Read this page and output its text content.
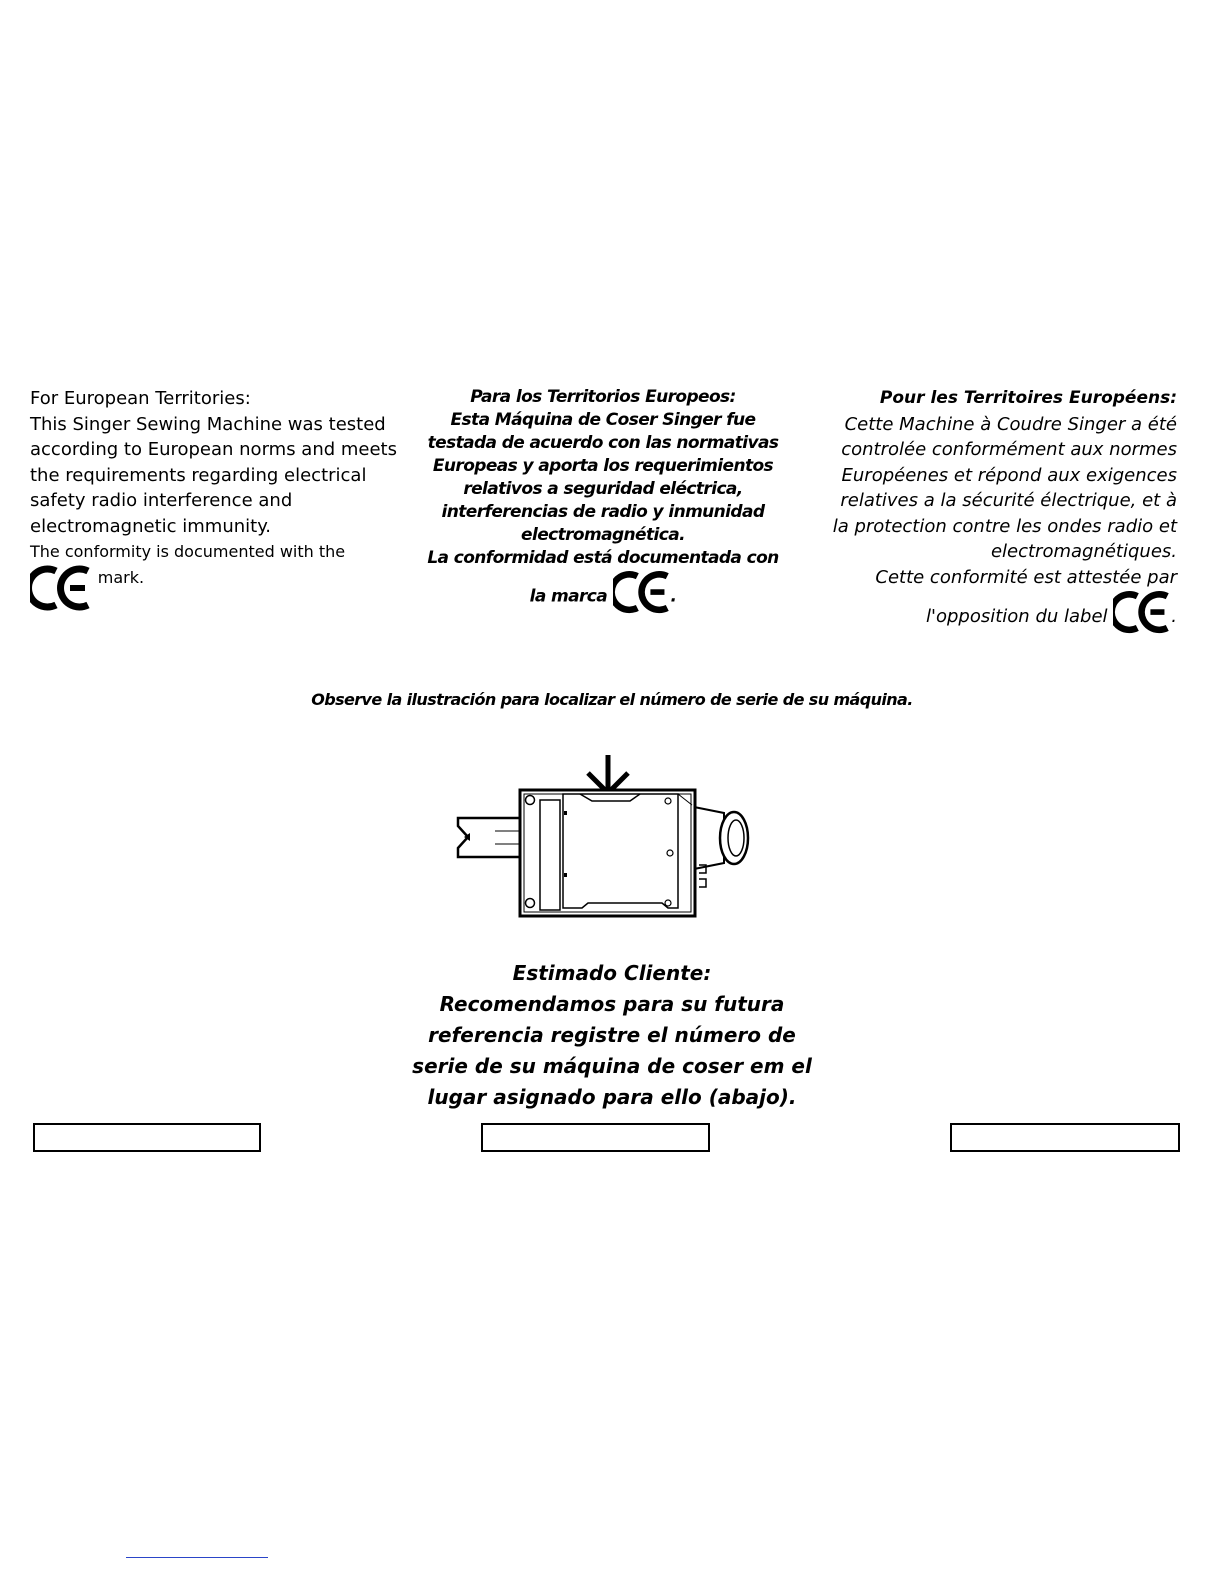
For European Territories:
This Singer Sewing Machine was tested
according to European norms and meets
the requirements regarding electrical
safety radio interference and
electromagnetic immunity.
The conformity is documented with the
mark.
Para los Territorios Europeos:
Esta Máquina de Coser Singer fue
testada de acuerdo con las normativas
Europeas y aporta los requerimientos
relativos a seguridad eléctrica,
interferencias de radio y inmunidad
electromagnética.
La conformidad está documentada con
la marca	.
Pour les Territoires Européens:
Cette Machine à Coudre Singer a été
controlée conformément aux normes
Européenes et répond aux exigences
relatives a la sécurité électrique, et à
la protection contre les ondes radio et
electromagnétiques.
Cette conformité est attestée par
l'opposition du label	.
Observe la ilustración para localizar el número de serie de su máquina.
Estimado Cliente:
Recomendamos para su futura
referencia registre el número de
serie de su máquina de coser em el
lugar asignado para ello (abajo).
